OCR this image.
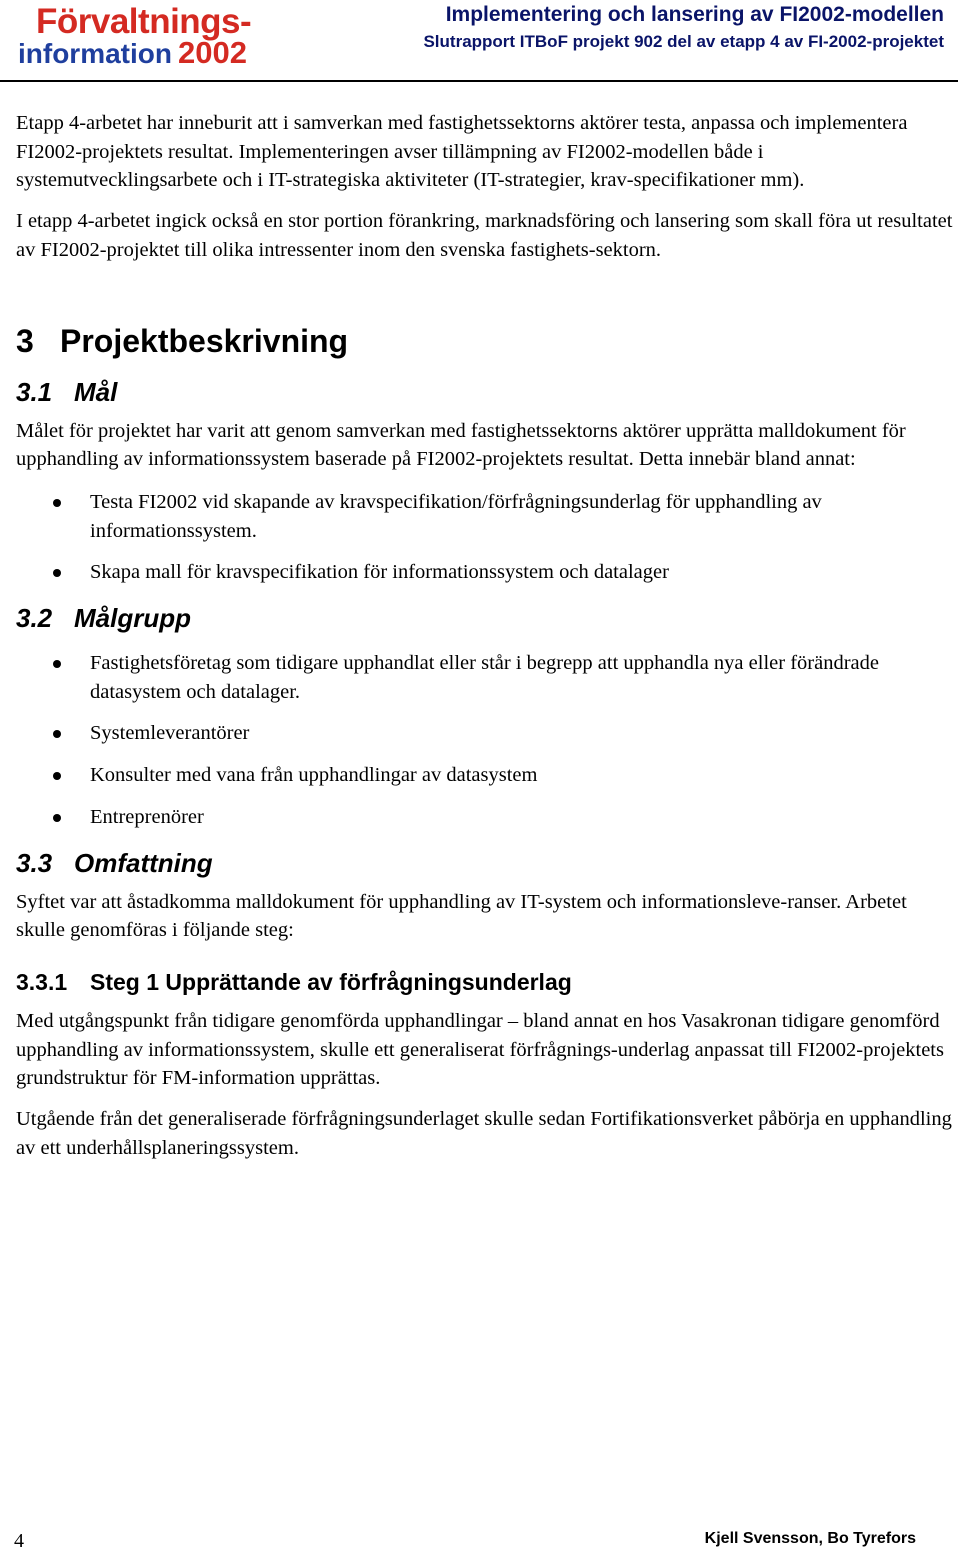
Förvaltnings-
information 2002
Implementering och lansering av FI2002-modellen
Slutrapport ITBoF projekt 902 del av etapp 4 av FI-2002-projektet

Etapp 4-arbetet har inneburit att i samverkan med fastighetssektorns aktörer testa, anpassa och implementera FI2002-projektets resultat. Implementeringen avser tillämpning av FI2002-modellen både i systemutvecklingsarbete och i IT-strategiska aktiviteter (IT-strategier, krav-specifikationer mm).

I etapp 4-arbetet ingick också en stor portion förankring, marknadsföring och lansering som skall föra ut resultatet av FI2002-projektet till olika intressenter inom den svenska fastighets-sektorn.

3 Projektbeskrivning
3.1 Mål

Målet för projektet har varit att genom samverkan med fastighetssektorns aktörer upprätta malldokument för upphandling av informationssystem baserade på FI2002-projektets resultat. Detta innebär bland annat:

Testa FI2002 vid skapande av kravspecifikation/förfrågningsunderlag för upphandling av informationssystem.
Skapa mall för kravspecifikation för informationssystem och datalager
3.2 Målgrupp
Fastighetsföretag som tidigare upphandlat eller står i begrepp att upphandla nya eller förändrade datasystem och datalager.
Systemleverantörer
Konsulter med vana från upphandlingar av datasystem
Entreprenörer
3.3 Omfattning

Syftet var att åstadkomma malldokument för upphandling av IT-system och informationsleve-ranser. Arbetet skulle genomföras i följande steg:

3.3.1 Steg 1 Upprättande av förfrågningsunderlag

Med utgångspunkt från tidigare genomförda upphandlingar – bland annat en hos Vasakronan tidigare genomförd upphandling av informationssystem, skulle ett generaliserat förfrågnings-underlag anpassat till FI2002-projektets grundstruktur för FM-information upprättas.

Utgående från det generaliserade förfrågningsunderlaget skulle sedan Fortifikationsverket påbörja en upphandling av ett underhållsplaneringssystem.

4	Kjell Svensson, Bo Tyrefors
